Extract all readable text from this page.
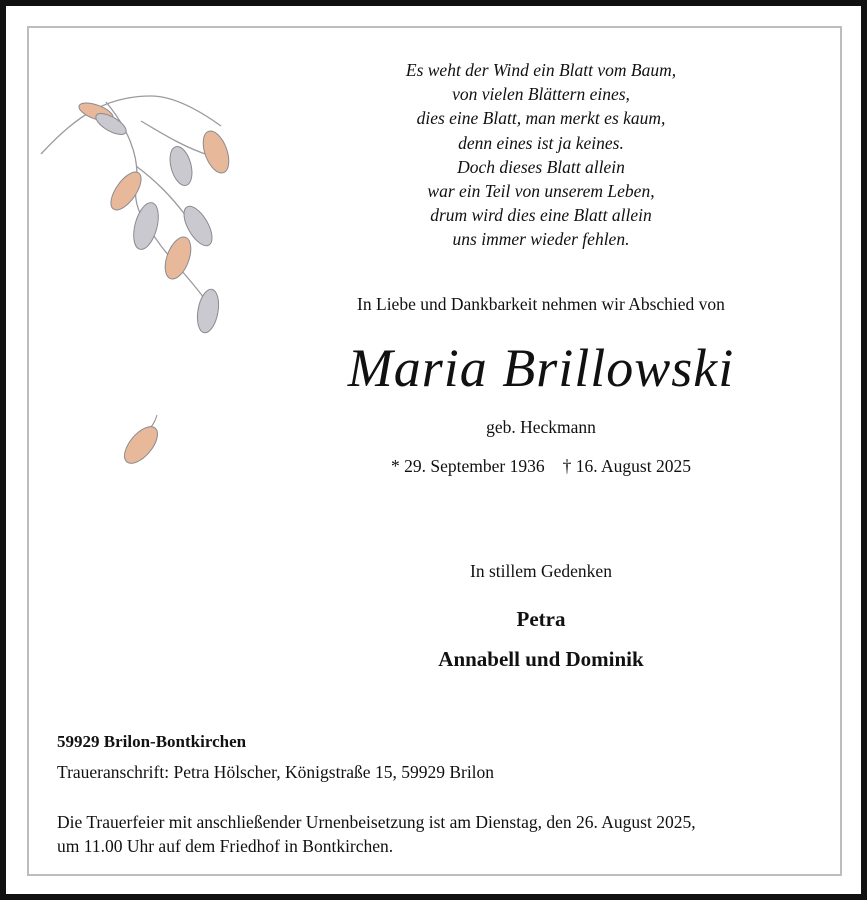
Es weht der Wind ein Blatt vom Baum,
von vielen Blättern eines,
dies eine Blatt, man merkt es kaum,
denn eines ist ja keines.
Doch dieses Blatt allein
war ein Teil von unserem Leben,
drum wird dies eine Blatt allein
uns immer wieder fehlen.
In Liebe und Dankbarkeit nehmen wir Abschied von
Maria Brillowski
geb. Heckmann
* 29. September 1936 † 16. August 2025
In stillem Gedenken
Petra
Annabell und Dominik
59929 Brilon-Bontkirchen
Traueranschrift: Petra Hölscher, Königstraße 15, 59929 Brilon
Die Trauerfeier mit anschließender Urnenbeisetzung ist am Dienstag, den 26. August 2025,
um 11.00 Uhr auf dem Friedhof in Bontkirchen.
